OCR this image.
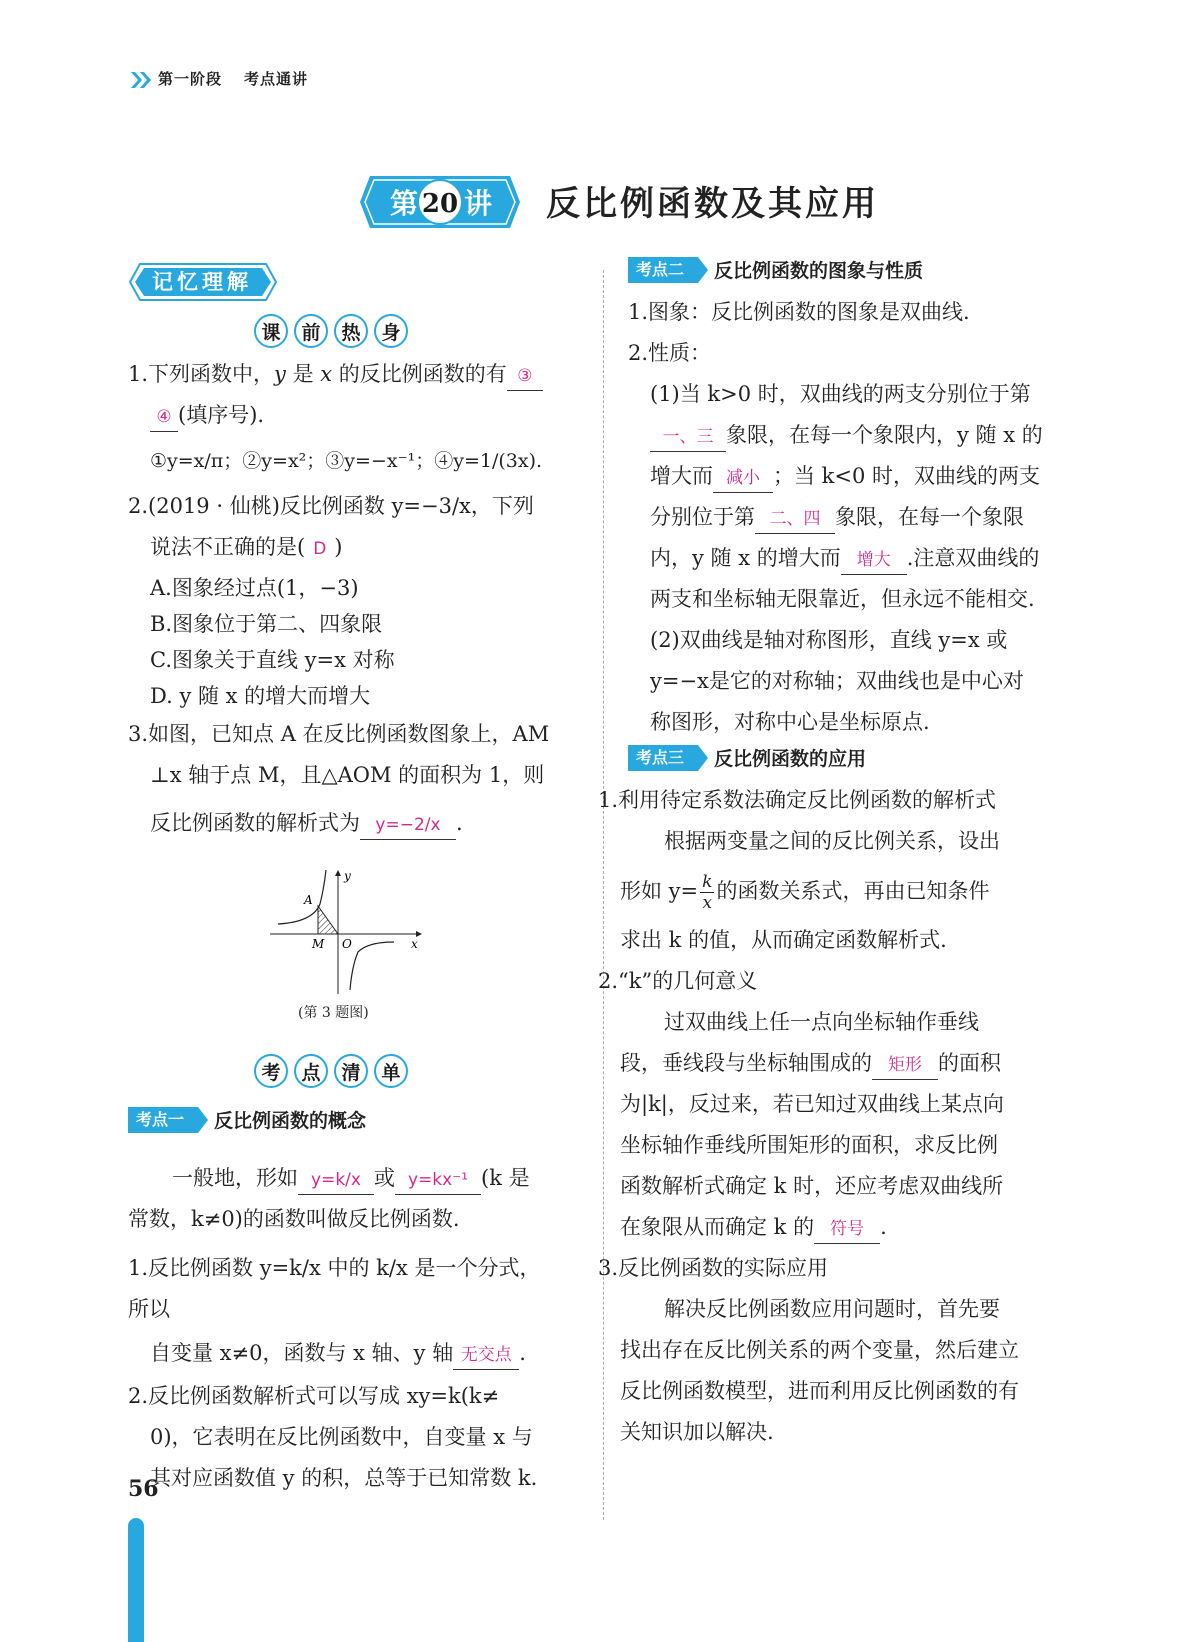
第一阶段 考点通讲
第 20 讲 反比例函数及其应用
记忆理解
课	前	热	身

1.下列函数中，y 是 x 的反比例函数的有 ③

④ (填序号).

①y=x/π；②y=x²；③y=−x⁻¹；④y=1/(3x).

2.(2019 · 仙桃)反比例函数 y=−3/x，下列

说法不正确的是( D )

A.图象经过点(1，−3)

B.图象位于第二、四象限

C.图象关于直线 y=x 对称

D. y 随 x 的增大而增大

3.如图，已知点 A 在反比例函数图象上，AM

⊥x 轴于点 M，且△AOM 的面积为 1，则

反比例函数的解析式为 y=−2/x .

A
M O	x
y
(第 3 题图)
考	点	清	单
考点一	反比例函数的概念

一般地，形如 y=k/x 或 y=kx⁻¹ (k 是

常数，k≠0)的函数叫做反比例函数.

1.反比例函数 y=k/x 中的 k/x 是一个分式，所以

自变量 x≠0，函数与 x 轴、y 轴 无交点 .

2.反比例函数解析式可以写成 xy=k(k≠

0)，它表明在反比例函数中，自变量 x 与

其对应函数值 y 的积，总等于已知常数 k.

考点二	反比例函数的图象与性质

1.图象：反比例函数的图象是双曲线.

2.性质：

(1)当 k>0 时，双曲线的两支分别位于第

一、三 象限，在每一个象限内，y 随 x 的

增大而 减小 ；当 k<0 时，双曲线的两支

分别位于第 二、四 象限，在每一个象限

内，y 随 x 的增大而 增大 .注意双曲线的

两支和坐标轴无限靠近，但永远不能相交.

(2)双曲线是轴对称图形，直线 y=x 或

y=−x是它的对称轴；双曲线也是中心对

称图形，对称中心是坐标原点.

考点三	反比例函数的应用

1.利用待定系数法确定反比例函数的解析式

根据两变量之间的反比例关系，设出

形如 $y= \frac{k}{x}$ 的函数关系式，再由已知条件

求出 k 的值，从而确定函数解析式.

2.“k”的几何意义

过双曲线上任一点向坐标轴作垂线

段，垂线段与坐标轴围成的 矩形 的面积

为|k|，反过来，若已知过双曲线上某点向

坐标轴作垂线所围矩形的面积，求反比例

函数解析式确定 k 时，还应考虑双曲线所

在象限从而确定 k 的 符号 .

3.反比例函数的实际应用

解决反比例函数应用问题时，首先要

找出存在反比例关系的两个变量，然后建立

反比例函数模型，进而利用反比例函数的有

关知识加以解决.

56
